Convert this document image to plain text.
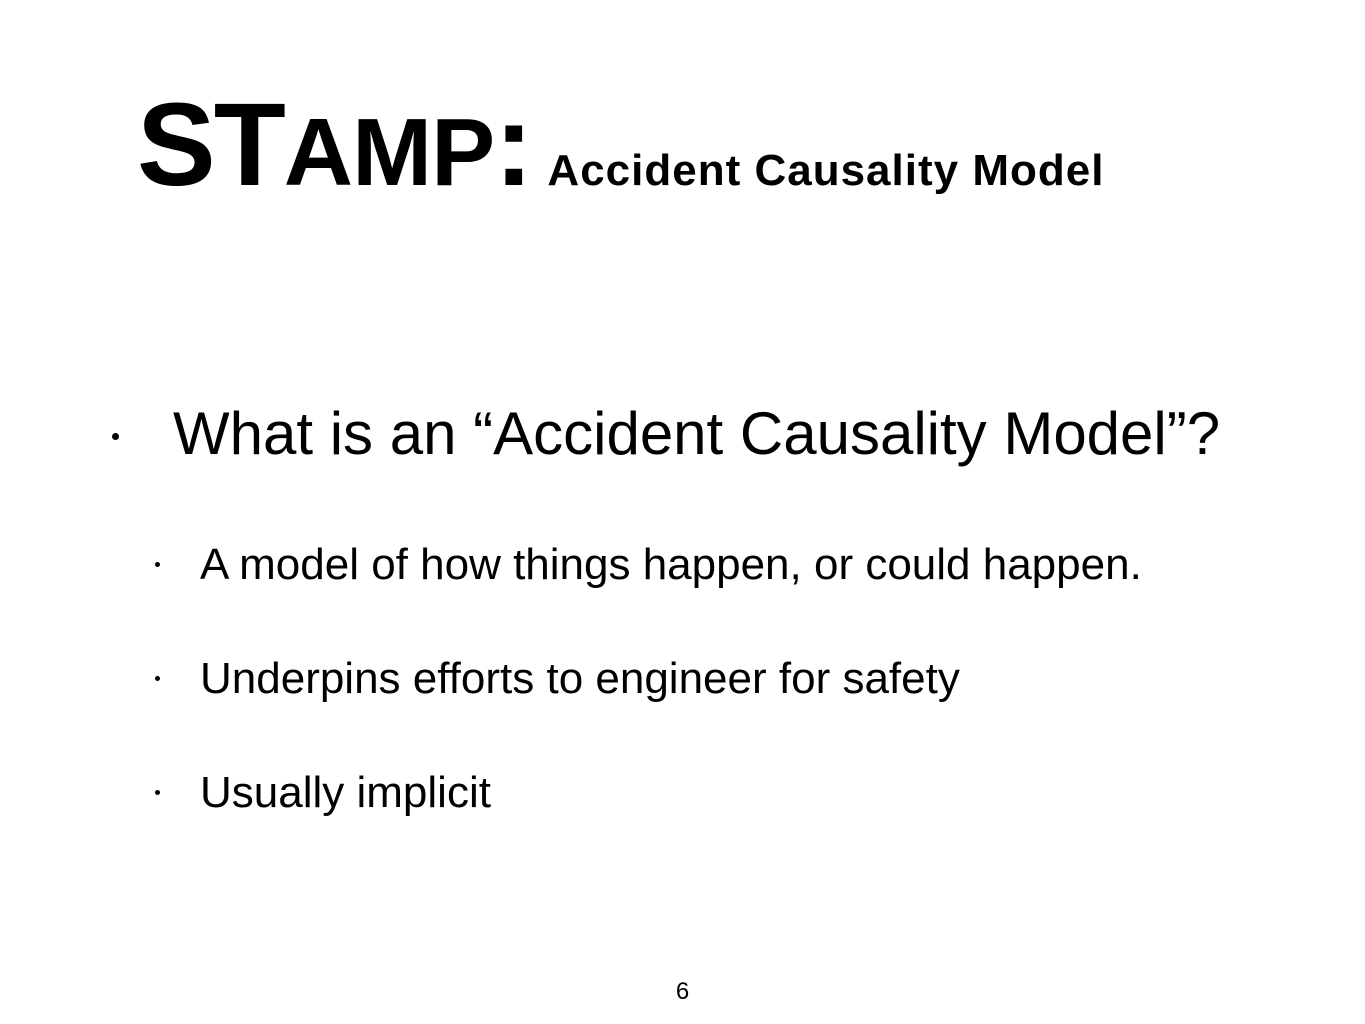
STAMP: Accident Causality Model
What is an “Accident Causality Model”?
A model of how things happen, or could happen.
Underpins efforts to engineer for safety
Usually implicit
6
